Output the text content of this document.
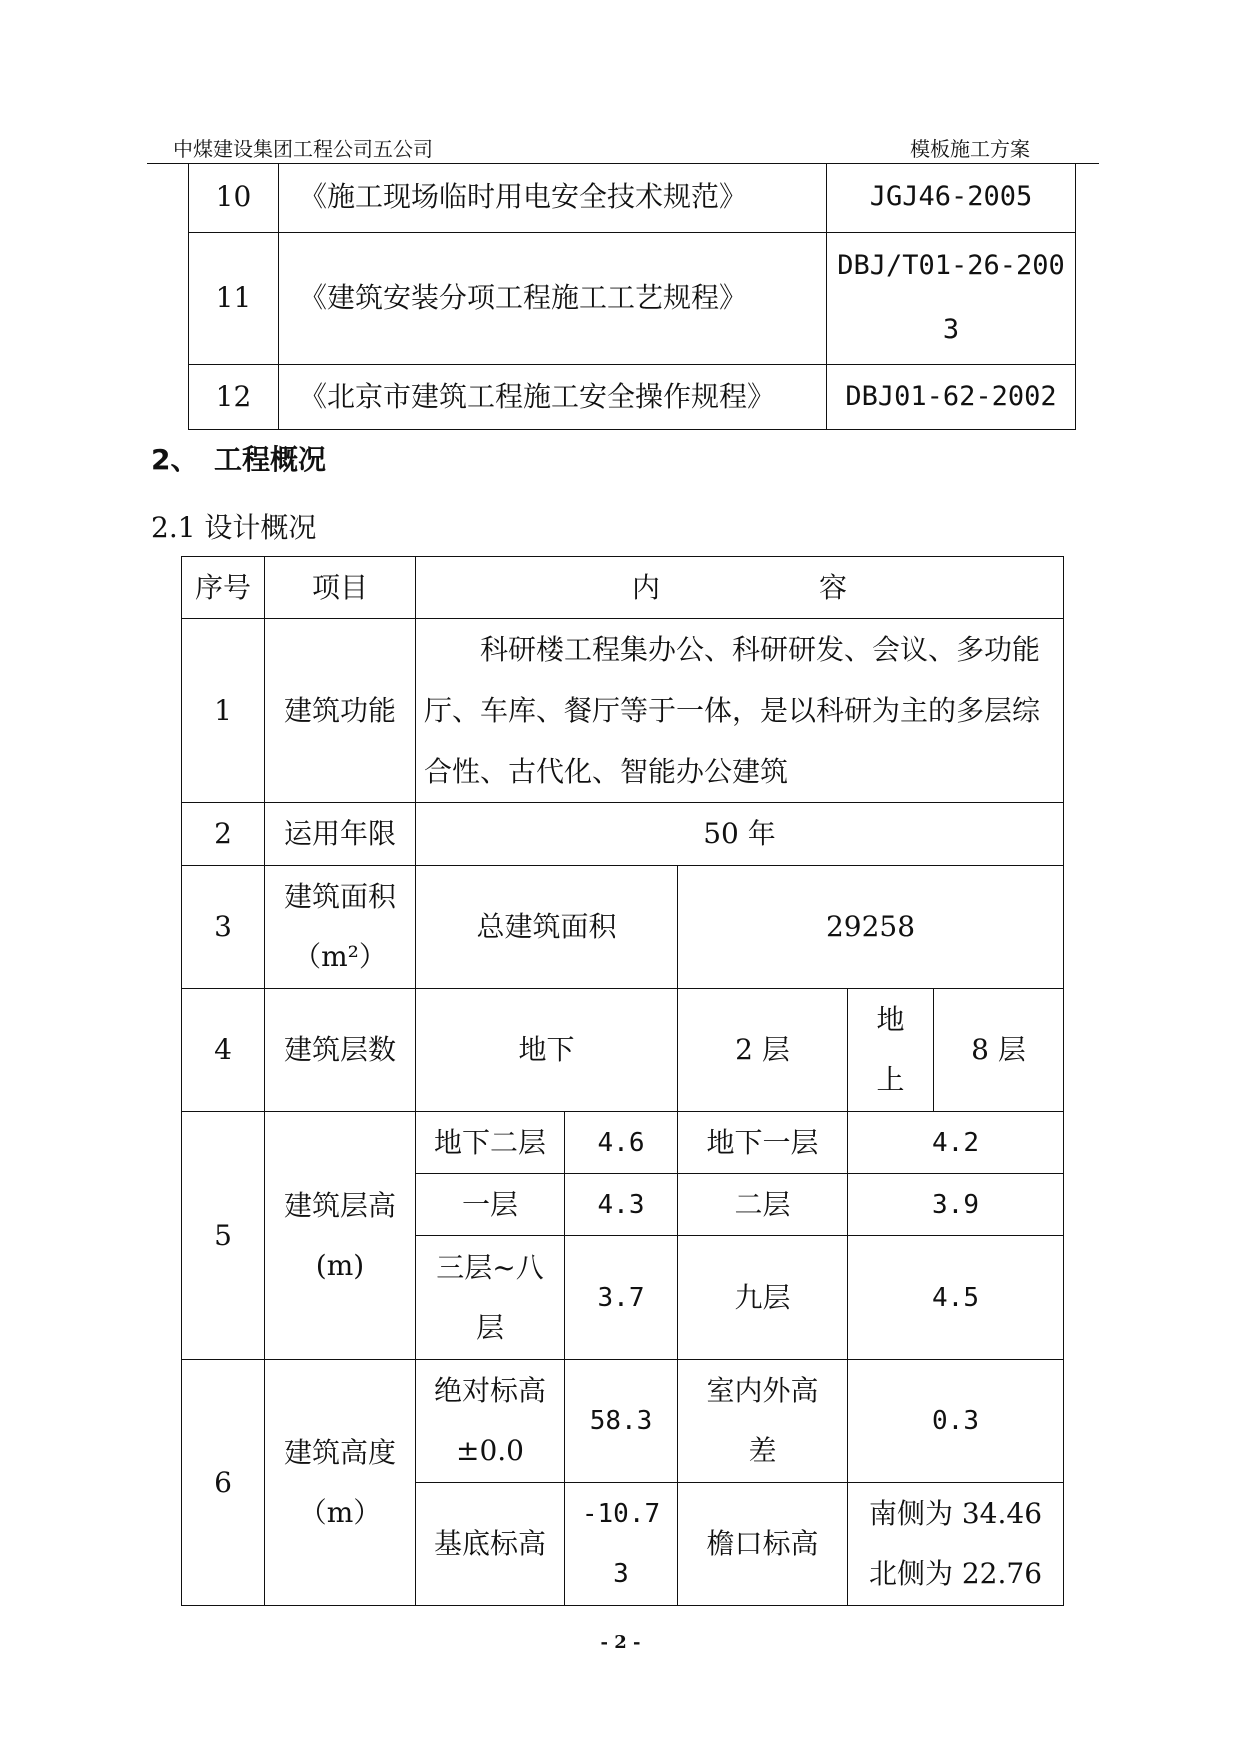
中煤建设集团工程公司五公司	模板施工方案
10	《施工现场临时用电安全技术规范》	JGJ46-2005
11	《建筑安装分项工程施工工艺规程》	DBJ/T01-26-2003
12	《北京市建筑工程施工安全操作规程》	DBJ01-62-2002
2、 工程概况
2.1 设计概况
序号	项目	内 容				
1	建筑功能	科研楼工程集办公、科研研发、会议、多功能厅、车库、餐厅等于一体，是以科研为主的多层综合性、古代化、智能办公建筑				
2	运用年限	50 年				
3	建筑面积（m²）	总建筑面积		29258		
4	建筑层数	地下		2 层	地上	8 层
5	建筑层高(m)	地下二层	4.6	地下一层	4.2	
		一层	4.3	二层	3.9	
		三层~八层	3.7	九层	4.5	
6	建筑高度（m）	绝对标高±0.0	58.3	室内外高差	0.3	
		基底标高	-10.73	檐口标高	南侧为 34.46
北侧为 22.76	
- 2 -
